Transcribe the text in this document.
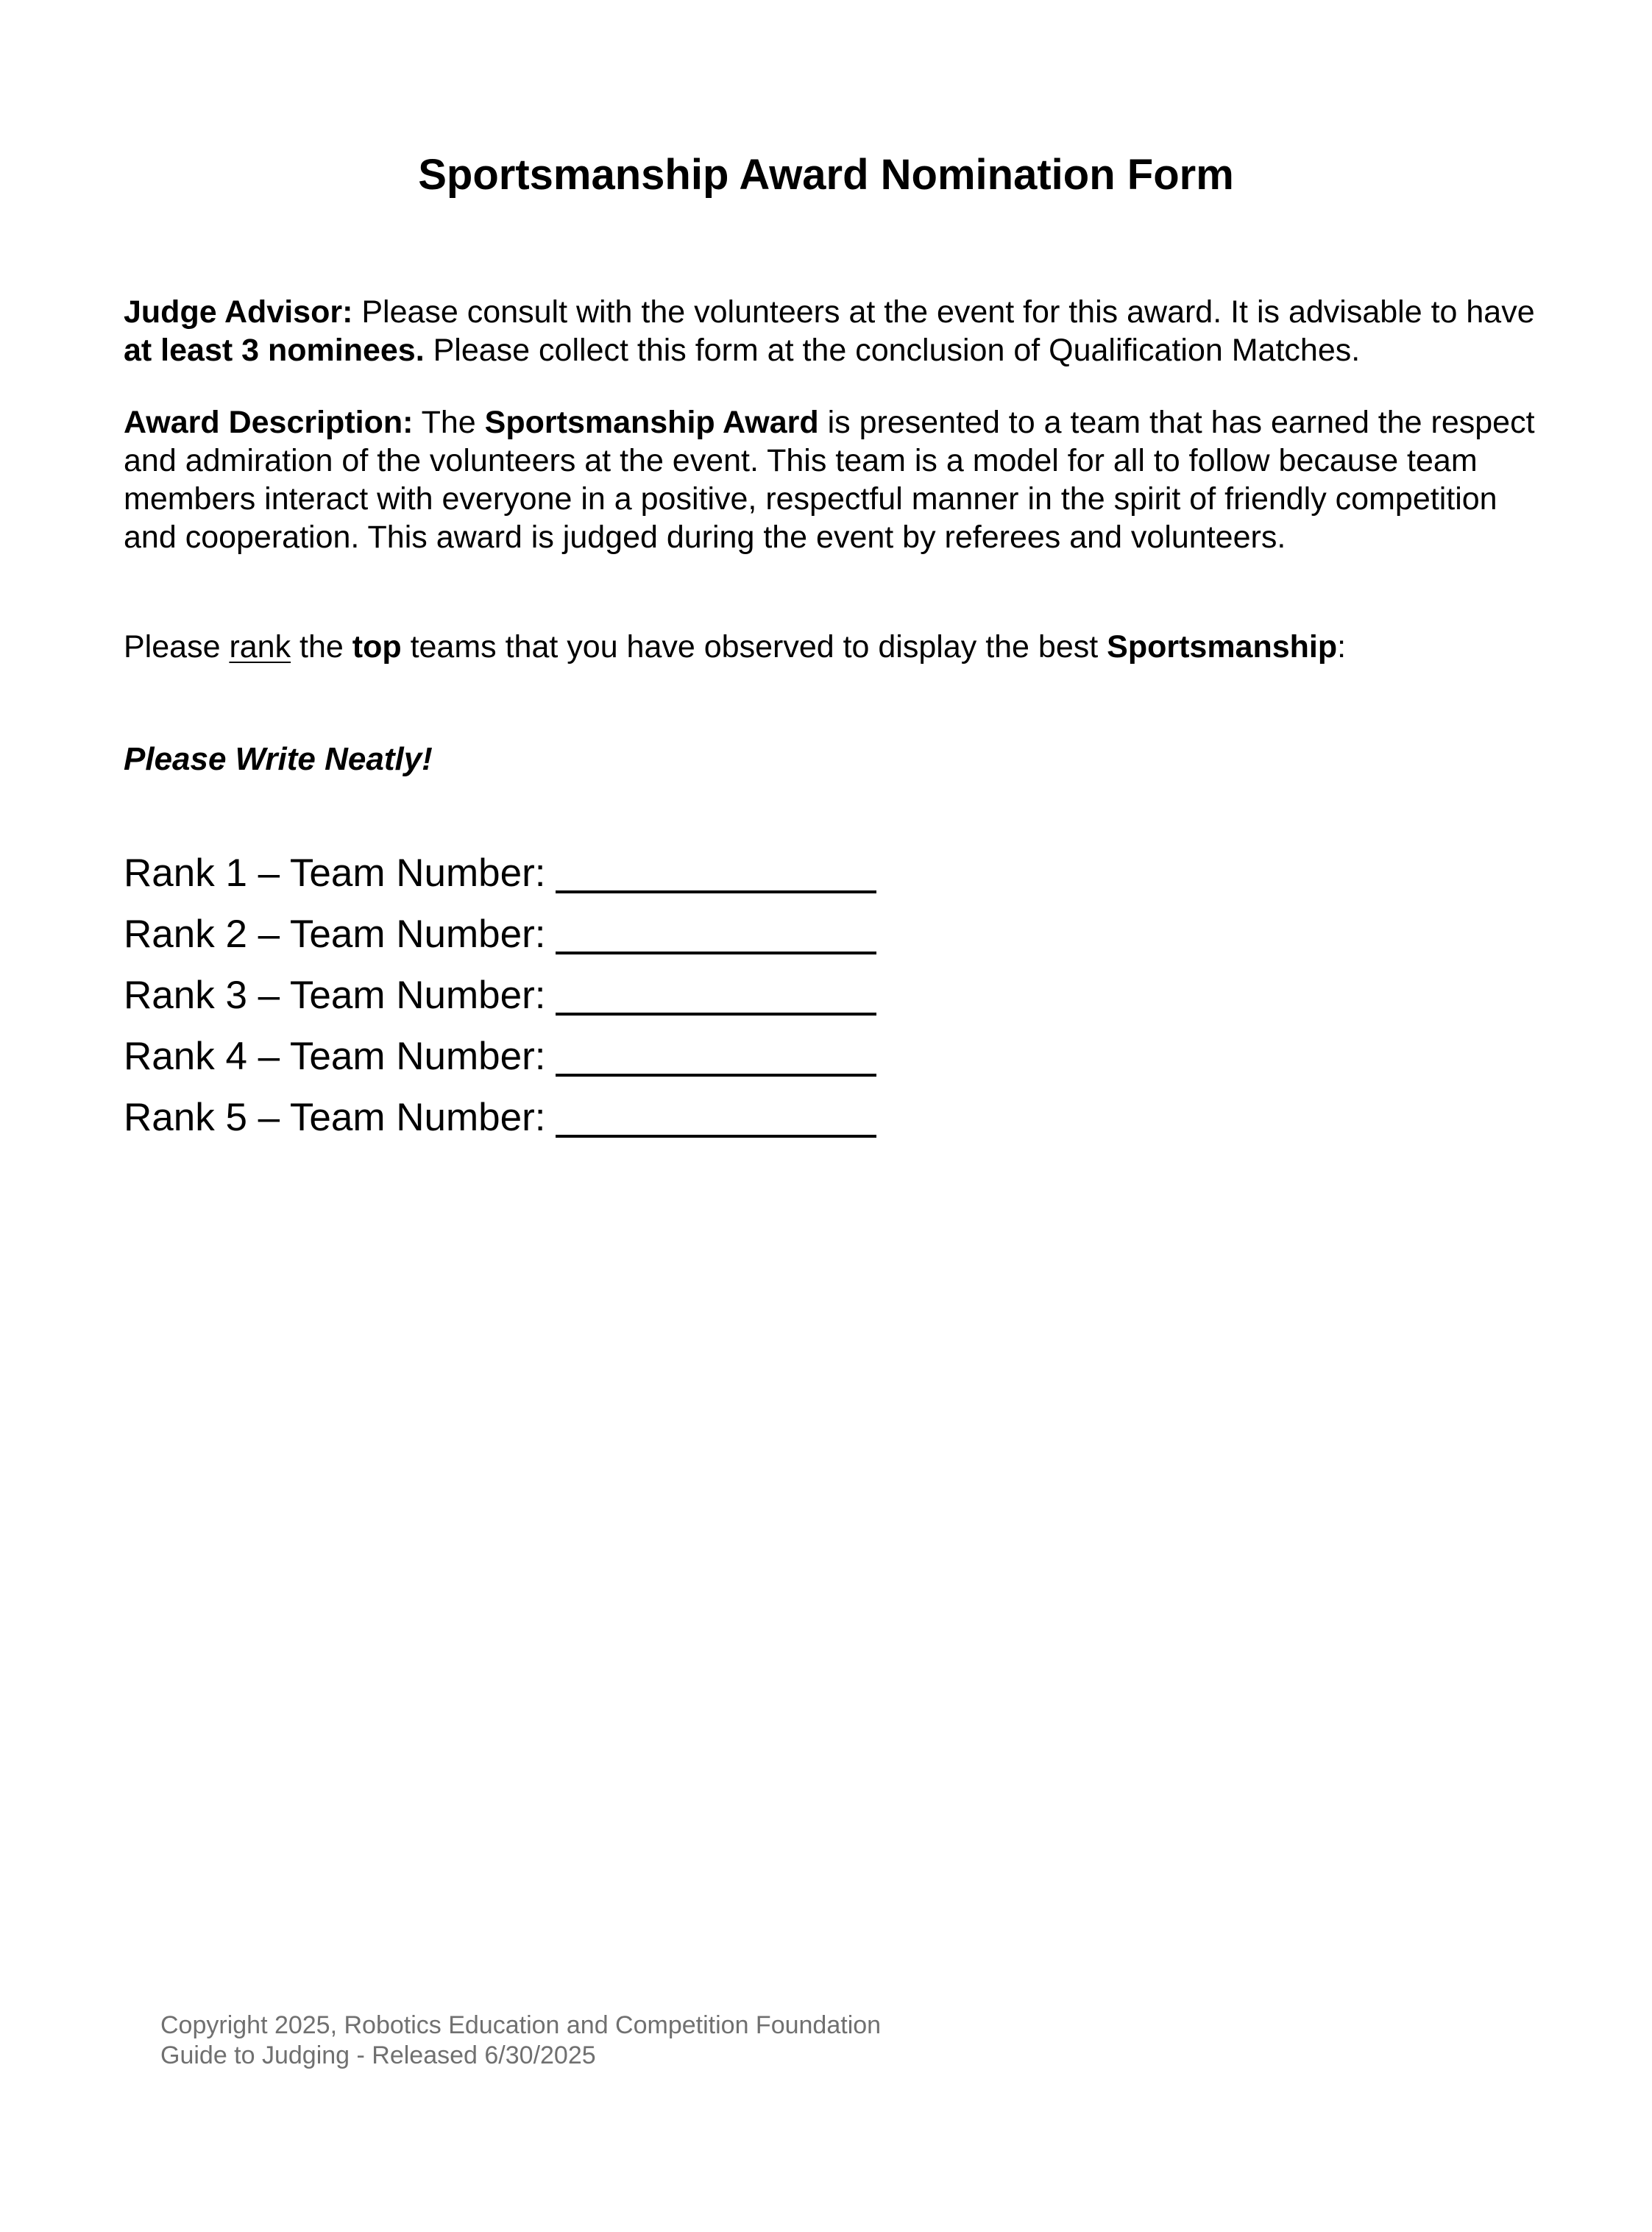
Sportsmanship Award Nomination Form

Judge Advisor: Please consult with the volunteers at the event for this award. It is advisable to have at least 3 nominees. Please collect this form at the conclusion of Qualification Matches.

Award Description: The Sportsmanship Award is presented to a team that has earned the respect and admiration of the volunteers at the event. This team is a model for all to follow because team members interact with everyone in a positive, respectful manner in the spirit of friendly competition and cooperation. This award is judged during the event by referees and volunteers.

Please rank the top teams that you have observed to display the best Sportsmanship:

Please Write Neatly!

Rank 1 – Team Number:
Rank 2 – Team Number:
Rank 3 – Team Number:
Rank 4 – Team Number:
Rank 5 – Team Number:
Copyright 2025, Robotics Education and Competition Foundation
Guide to Judging - Released 6/30/2025
